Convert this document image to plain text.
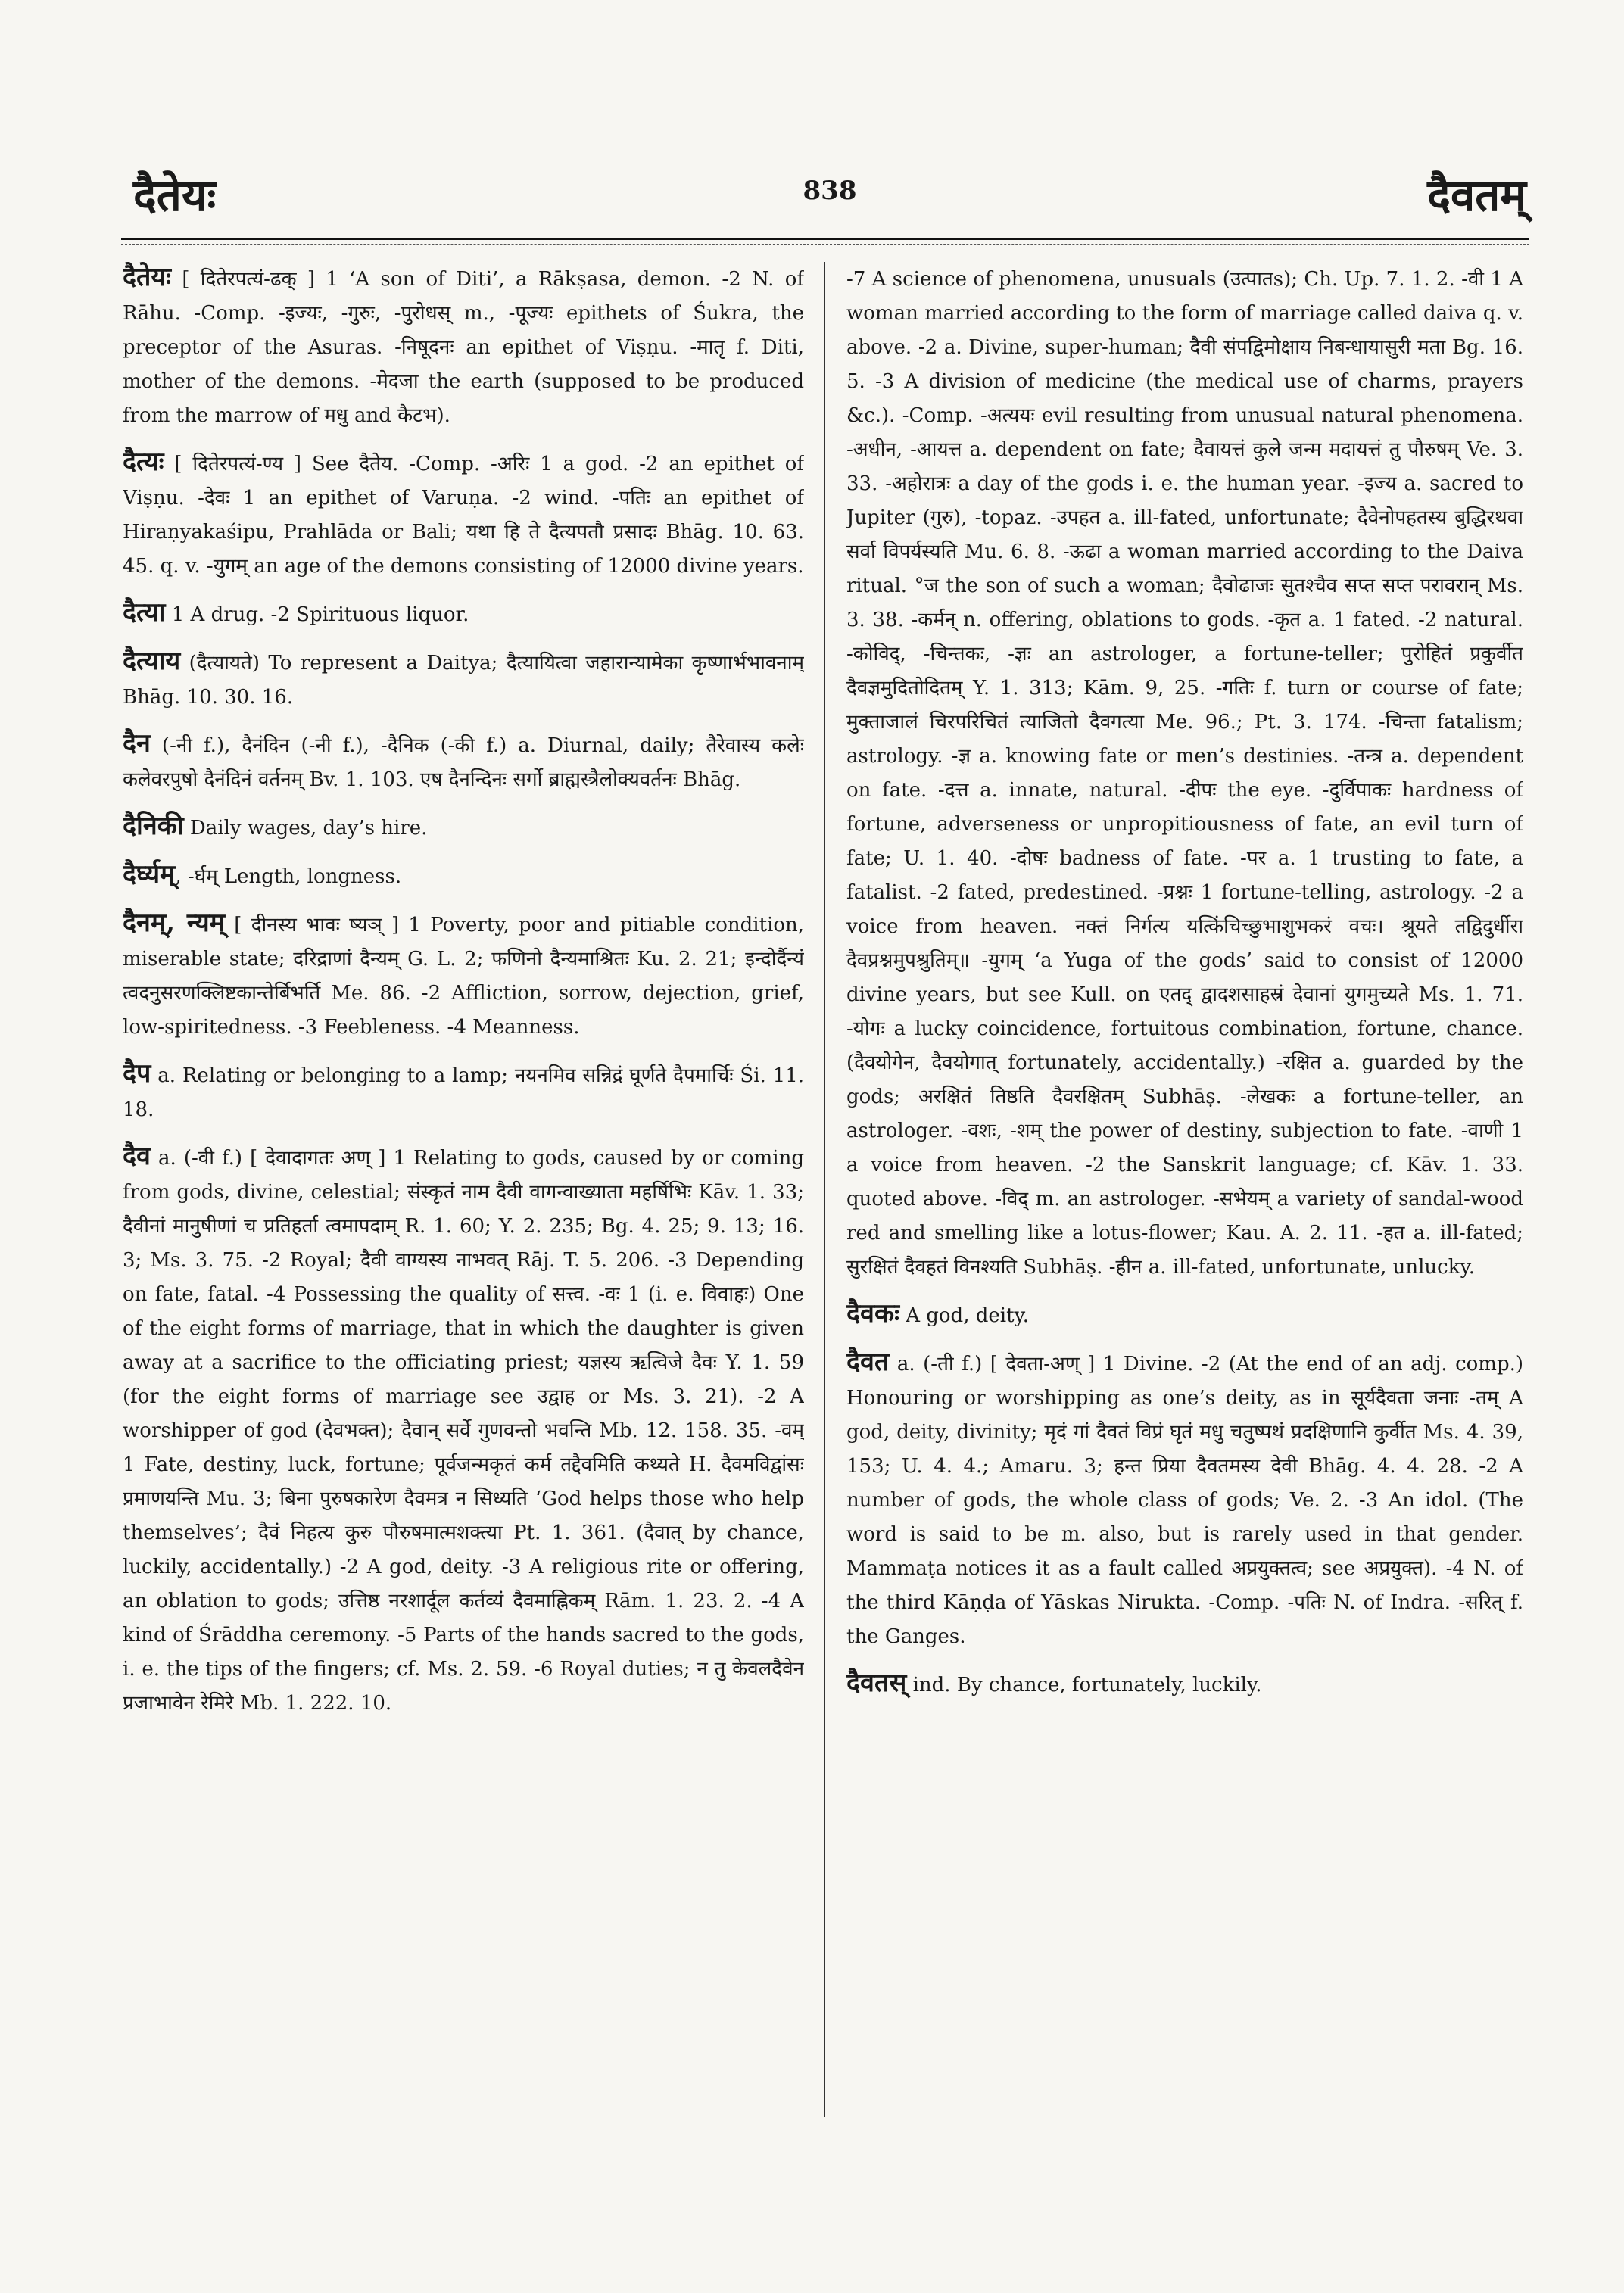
दैतेयः	838	दैवतम्

दैतेयः [ दितेरपत्यं-ढक् ] 1 ‘A son of Diti’, a Rākṣasa, demon. -2 N. of Rāhu. -Comp. -इज्यः, -गुरुः, -पुरोधस् m., -पूज्यः epithets of Śukra, the preceptor of the Asuras. -निषूदनः an epithet of Viṣṇu. -मातृ f. Diti, mother of the demons. -मेदजा the earth (supposed to be produced from the marrow of मधु and कैटभ).

दैत्यः [ दितेरपत्यं-ण्य ] See दैतेय. -Comp. -अरिः 1 a god. -2 an epithet of Viṣṇu. -देवः 1 an epithet of Varuṇa. -2 wind. -पतिः an epithet of Hiraṇyakaśipu, Prahlāda or Bali; यथा हि ते दैत्यपतौ प्रसादः Bhāg. 10. 63. 45. q. v. -युगम् an age of the demons consisting of 12000 divine years.

दैत्या 1 A drug. -2 Spirituous liquor.

दैत्याय (दैत्यायते) To represent a Daitya; दैत्यायित्वा जहारान्यामेका कृष्णार्भभावनाम् Bhāg. 10. 30. 16.

दैन (-नी f.), दैनंदिन (-नी f.), -दैनिक (-की f.) a. Diurnal, daily; तैरेवास्य कलेः कलेवरपुषो दैनंदिनं वर्तनम् Bv. 1. 103. एष दैनन्दिनः सर्गो ब्राह्मस्त्रैलोक्यवर्तनः Bhāg.

दैनिकी Daily wages, day’s hire.

दैर्घ्यम्, -र्घम् Length, longness.

दैनम्, न्यम् [ दीनस्य भावः ष्यञ् ] 1 Poverty, poor and pitiable condition, miserable state; दरिद्राणां दैन्यम् G. L. 2; फणिनो दैन्यमाश्रितः Ku. 2. 21; इन्दोर्दैन्यं त्वदनुसरणक्लिष्टकान्तेर्बिभर्ति Me. 86. -2 Affliction, sorrow, dejection, grief, low-spiritedness. -3 Feebleness. -4 Meanness.

दैप a. Relating or belonging to a lamp; नयनमिव सन्निद्रं घूर्णते दैपमार्चिः Śi. 11. 18.

दैव a. (-वी f.) [ देवादागतः अण् ] 1 Relating to gods, caused by or coming from gods, divine, celestial; संस्कृतं नाम दैवी वागन्वाख्याता महर्षिभिः Kāv. 1. 33; दैवीनां मानुषीणां च प्रतिहर्ता त्वमापदाम् R. 1. 60; Y. 2. 235; Bg. 4. 25; 9. 13; 16. 3; Ms. 3. 75. -2 Royal; दैवी वाग्यस्य नाभवत् Rāj. T. 5. 206. -3 Depending on fate, fatal. -4 Possessing the quality of सत्त्व. -वः 1 (i. e. विवाहः) One of the eight forms of marriage, that in which the daughter is given away at a sacrifice to the officiating priest; यज्ञस्य ऋत्विजे दैवः Y. 1. 59 (for the eight forms of marriage see उद्वाह or Ms. 3. 21). -2 A worshipper of god (देवभक्त); दैवान् सर्वे गुणवन्तो भवन्ति Mb. 12. 158. 35. -वम् 1 Fate, destiny, luck, fortune; पूर्वजन्मकृतं कर्म तद्दैवमिति कथ्यते H. दैवमविद्वांसः प्रमाणयन्ति Mu. 3; बिना पुरुषकारेण दैवमत्र न सिध्यति ‘God helps those who help themselves’; दैवं निहत्य कुरु पौरुषमात्मशक्त्या Pt. 1. 361. (दैवात् by chance, luckily, accidentally.) -2 A god, deity. -3 A religious rite or offering, an oblation to gods; उत्तिष्ठ नरशार्दूल कर्तव्यं दैवमाह्निकम् Rām. 1. 23. 2. -4 A kind of Śrāddha ceremony. -5 Parts of the hands sacred to the gods, i. e. the tips of the fingers; cf. Ms. 2. 59. -6 Royal duties; न तु केवलदैवेन प्रजाभावेन रेमिरे Mb. 1. 222. 10.

-7 A science of phenomena, unusuals (उत्पातs); Ch. Up. 7. 1. 2. -वी 1 A woman married according to the form of marriage called daiva q. v. above. -2 a. Divine, super-human; दैवी संपद्विमोक्षाय निबन्धायासुरी मता Bg. 16. 5. -3 A division of medicine (the medical use of charms, prayers &c.). -Comp. -अत्ययः evil resulting from unusual natural phenomena. -अधीन, -आयत्त a. dependent on fate; दैवायत्तं कुले जन्म मदायत्तं तु पौरुषम् Ve. 3. 33. -अहोरात्रः a day of the gods i. e. the human year. -इज्य a. sacred to Jupiter (गुरु), -topaz. -उपहत a. ill-fated, unfortunate; दैवेनोपहतस्य बुद्धिरथवा सर्वा विपर्यस्यति Mu. 6. 8. -ऊढा a woman married according to the Daiva ritual. °ज the son of such a woman; दैवोढाजः सुतश्चैव सप्त सप्त परावरान् Ms. 3. 38. -कर्मन् n. offering, oblations to gods. -कृत a. 1 fated. -2 natural. -कोविद्, -चिन्तकः, -ज्ञः an astrologer, a fortune-teller; पुरोहितं प्रकुर्वीत दैवज्ञमुदितोदितम् Y. 1. 313; Kām. 9, 25. -गतिः f. turn or course of fate; मुक्ताजालं चिरपरिचितं त्याजितो दैवगत्या Me. 96.; Pt. 3. 174. -चिन्ता fatalism; astrology. -ज्ञ a. knowing fate or men’s destinies. -तन्त्र a. dependent on fate. -दत्त a. innate, natural. -दीपः the eye. -दुर्विपाकः hardness of fortune, adverseness or unpropitiousness of fate, an evil turn of fate; U. 1. 40. -दोषः badness of fate. -पर a. 1 trusting to fate, a fatalist. -2 fated, predestined. -प्रश्नः 1 fortune-telling, astrology. -2 a voice from heaven. नक्तं निर्गत्य यत्किंचिच्छुभाशुभकरं वचः। श्रूयते तद्विदुर्धीरा दैवप्रश्नमुपश्रुतिम्॥ -युगम् ‘a Yuga of the gods’ said to consist of 12000 divine years, but see Kull. on एतद् द्वादशसाहस्रं देवानां युगमुच्यते Ms. 1. 71. -योगः a lucky coincidence, fortuitous combination, fortune, chance. (दैवयोगेन, दैवयोगात् fortunately, accidentally.) -रक्षित a. guarded by the gods; अरक्षितं तिष्ठति दैवरक्षितम् Subhāṣ. -लेखकः a fortune-teller, an astrologer. -वशः, -शम् the power of destiny, subjection to fate. -वाणी 1 a voice from heaven. -2 the Sanskrit language; cf. Kāv. 1. 33. quoted above. -विद् m. an astrologer. -सभेयम् a variety of sandal-wood red and smelling like a lotus-flower; Kau. A. 2. 11. -हत a. ill-fated; सुरक्षितं दैवहतं विनश्यति Subhāṣ. -हीन a. ill-fated, unfortunate, unlucky.

दैवकः A god, deity.

दैवत a. (-ती f.) [ देवता-अण् ] 1 Divine. -2 (At the end of an adj. comp.) Honouring or worshipping as one’s deity, as in सूर्यदैवता जनाः -तम् A god, deity, divinity; मृदं गां दैवतं विप्रं घृतं मधु चतुष्पथं प्रदक्षिणानि कुर्वीत Ms. 4. 39, 153; U. 4. 4.; Amaru. 3; हन्त प्रिया दैवतमस्य देवी Bhāg. 4. 4. 28. -2 A number of gods, the whole class of gods; Ve. 2. -3 An idol. (The word is said to be m. also, but is rarely used in that gender. Mammaṭa notices it as a fault called अप्रयुक्तत्व; see अप्रयुक्त). -4 N. of the third Kāṇḍa of Yāskas Nirukta. -Comp. -पतिः N. of Indra. -सरित् f. the Ganges.

दैवतस् ind. By chance, fortunately, luckily.
